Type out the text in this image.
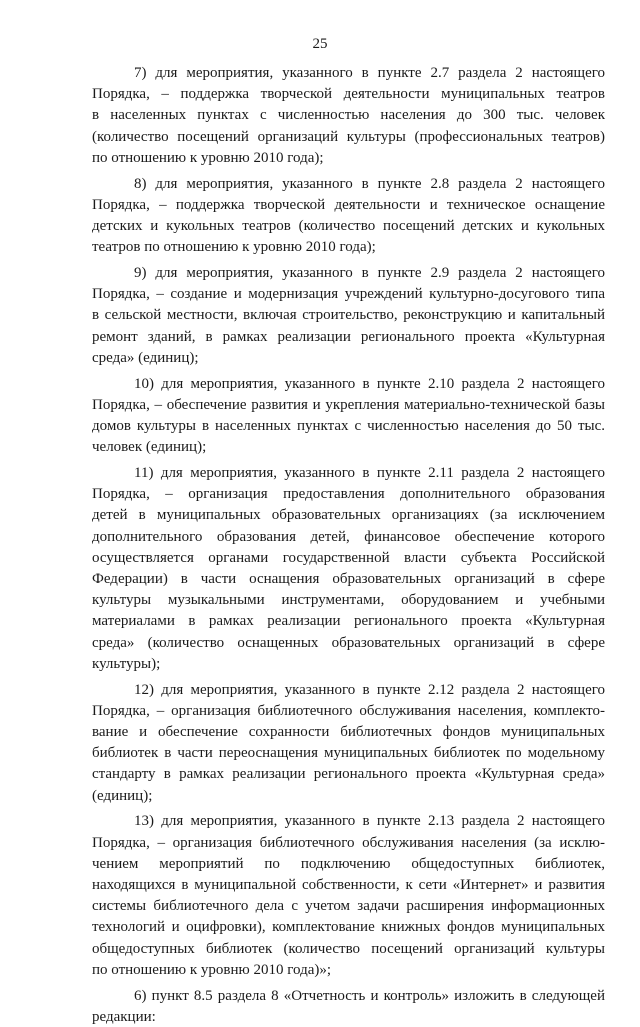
25
7) для мероприятия, указанного в пункте 2.7 раздела 2 настоящего
Порядка, – поддержка творческой деятельности муниципальных театров
в населенных пунктах с численностью населения до 300 тыс. человек
(количество посещений организаций культуры (профессиональных театров)
по отношению к уровню 2010 года);
8) для мероприятия, указанного в пункте 2.8 раздела 2 настоящего
Порядка, – поддержка творческой деятельности и техническое оснащение
детских и кукольных театров (количество посещений детских и кукольных
театров по отношению к уровню 2010 года);
9) для мероприятия, указанного в пункте 2.9 раздела 2 настоящего
Порядка, – создание и модернизация учреждений культурно-досугового типа
в сельской местности, включая строительство, реконструкцию и капитальный
ремонт зданий, в рамках реализации регионального проекта «Культурная
среда» (единиц);
10) для мероприятия, указанного в пункте 2.10 раздела 2 настоящего
Порядка, – обеспечение развития и укрепления материально-технической базы
домов культуры в населенных пунктах с численностью населения до 50 тыс.
человек (единиц);
11) для мероприятия, указанного в пункте 2.11 раздела 2 настоящего
Порядка, – организация предоставления дополнительного образования
детей в муниципальных образовательных организациях (за исключением
дополнительного образования детей, финансовое обеспечение которого
осуществляется органами государственной власти субъекта Российской
Федерации) в части оснащения образовательных организаций в сфере
культуры музыкальными инструментами, оборудованием и учебными
материалами в рамках реализации регионального проекта «Культурная
среда» (количество оснащенных образовательных организаций в сфере
культуры);
12) для мероприятия, указанного в пункте 2.12 раздела 2 настоящего
Порядка, – организация библиотечного обслуживания населения, комплекто-
вание и обеспечение сохранности библиотечных фондов муниципальных
библиотек в части переоснащения муниципальных библиотек по модельному
стандарту в рамках реализации регионального проекта «Культурная среда»
(единиц);
13) для мероприятия, указанного в пункте 2.13 раздела 2 настоящего
Порядка, – организация библиотечного обслуживания населения (за исклю-
чением мероприятий по подключению общедоступных библиотек,
находящихся в муниципальной собственности, к сети «Интернет» и развития
системы библиотечного дела с учетом задачи расширения информационных
технологий и оцифровки), комплектование книжных фондов муниципальных
общедоступных библиотек (количество посещений организаций культуры
по отношению к уровню 2010 года)»;
6) пункт 8.5 раздела 8 «Отчетность и контроль» изложить в следующей
редакции:
